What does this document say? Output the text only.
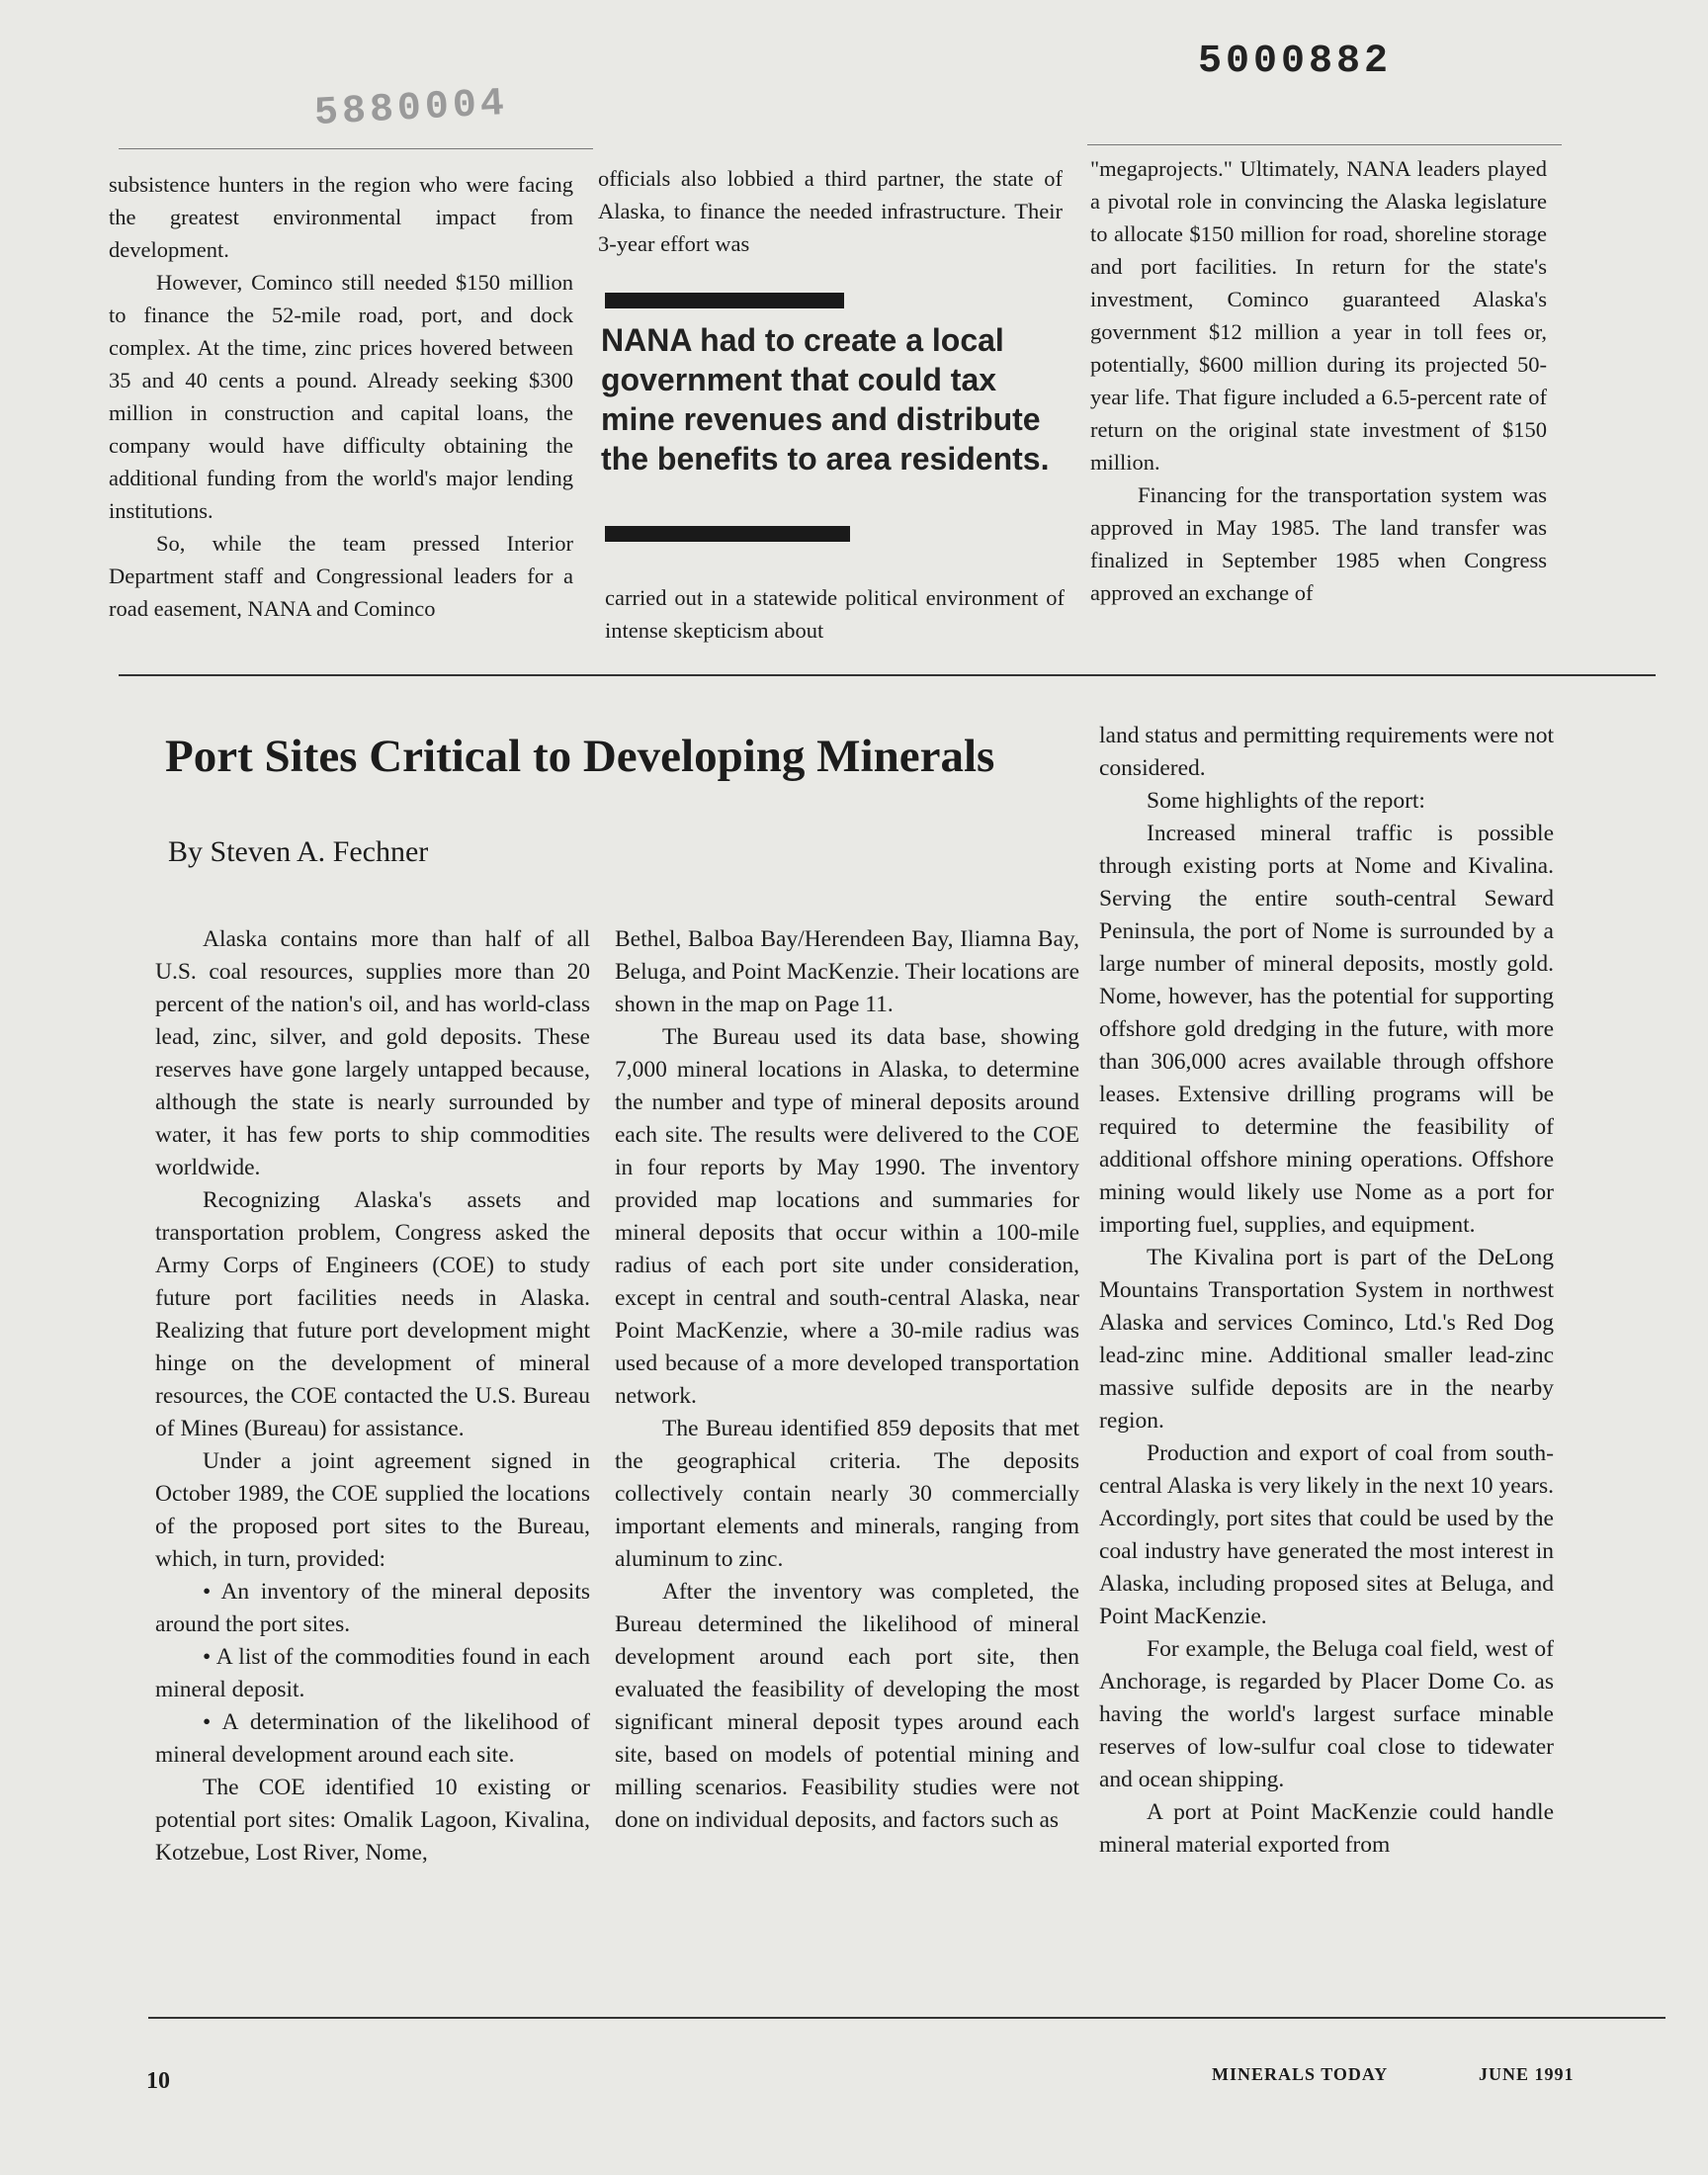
5880004
5000882

subsistence hunters in the region who were facing the greatest environmental impact from development.

However, Cominco still needed $150 million to finance the 52-mile road, port, and dock complex. At the time, zinc prices hovered between 35 and 40 cents a pound. Already seeking $300 million in construction and capital loans, the company would have difficulty obtaining the additional funding from the world's major lending institutions.

So, while the team pressed Interior Department staff and Congressional leaders for a road easement, NANA and Cominco

officials also lobbied a third partner, the state of Alaska, to finance the needed infrastructure. Their 3-year effort was

NANA had to create a local government that could tax mine revenues and distribute the benefits to area residents.

carried out in a statewide political environment of intense skepticism about

"megaprojects." Ultimately, NANA leaders played a pivotal role in convincing the Alaska legislature to allocate $150 million for road, shoreline storage and port facilities. In return for the state's investment, Cominco guaranteed Alaska's government $12 million a year in toll fees or, potentially, $600 million during its projected 50-year life. That figure included a 6.5-percent rate of return on the original state investment of $150 million.

Financing for the transportation system was approved in May 1985. The land transfer was finalized in September 1985 when Congress approved an exchange of

Port Sites Critical to Developing Minerals
By Steven A. Fechner

Alaska contains more than half of all U.S. coal resources, supplies more than 20 percent of the nation's oil, and has world-class lead, zinc, silver, and gold deposits. These reserves have gone largely untapped because, although the state is nearly surrounded by water, it has few ports to ship commodities worldwide.

Recognizing Alaska's assets and transportation problem, Congress asked the Army Corps of Engineers (COE) to study future port facilities needs in Alaska. Realizing that future port development might hinge on the development of mineral resources, the COE contacted the U.S. Bureau of Mines (Bureau) for assistance.

Under a joint agreement signed in October 1989, the COE supplied the locations of the proposed port sites to the Bureau, which, in turn, provided:

• An inventory of the mineral deposits around the port sites.

• A list of the commodities found in each mineral deposit.

• A determination of the likelihood of mineral development around each site.

The COE identified 10 existing or potential port sites: Omalik Lagoon, Kivalina, Kotzebue, Lost River, Nome,

Bethel, Balboa Bay/Herendeen Bay, Iliamna Bay, Beluga, and Point MacKenzie. Their locations are shown in the map on Page 11.

The Bureau used its data base, showing 7,000 mineral locations in Alaska, to determine the number and type of mineral deposits around each site. The results were delivered to the COE in four reports by May 1990. The inventory provided map locations and summaries for mineral deposits that occur within a 100-mile radius of each port site under consideration, except in central and south-central Alaska, near Point MacKenzie, where a 30-mile radius was used because of a more developed transportation network.

The Bureau identified 859 deposits that met the geographical criteria. The deposits collectively contain nearly 30 commercially important elements and minerals, ranging from aluminum to zinc.

After the inventory was completed, the Bureau determined the likelihood of mineral development around each port site, then evaluated the feasibility of developing the most significant mineral deposit types around each site, based on models of potential mining and milling scenarios. Feasibility studies were not done on individual deposits, and factors such as

land status and permitting requirements were not considered.

Some highlights of the report:

Increased mineral traffic is possible through existing ports at Nome and Kivalina. Serving the entire south-central Seward Peninsula, the port of Nome is surrounded by a large number of mineral deposits, mostly gold. Nome, however, has the potential for supporting offshore gold dredging in the future, with more than 306,000 acres available through offshore leases. Extensive drilling programs will be required to determine the feasibility of additional offshore mining operations. Offshore mining would likely use Nome as a port for importing fuel, supplies, and equipment.

The Kivalina port is part of the DeLong Mountains Transportation System in northwest Alaska and services Cominco, Ltd.'s Red Dog lead-zinc mine. Additional smaller lead-zinc massive sulfide deposits are in the nearby region.

Production and export of coal from south-central Alaska is very likely in the next 10 years. Accordingly, port sites that could be used by the coal industry have generated the most interest in Alaska, including proposed sites at Beluga, and Point MacKenzie.

For example, the Beluga coal field, west of Anchorage, is regarded by Placer Dome Co. as having the world's largest surface minable reserves of low-sulfur coal close to tidewater and ocean shipping.

A port at Point MacKenzie could handle mineral material exported from

10	MINERALS TODAY	JUNE 1991
